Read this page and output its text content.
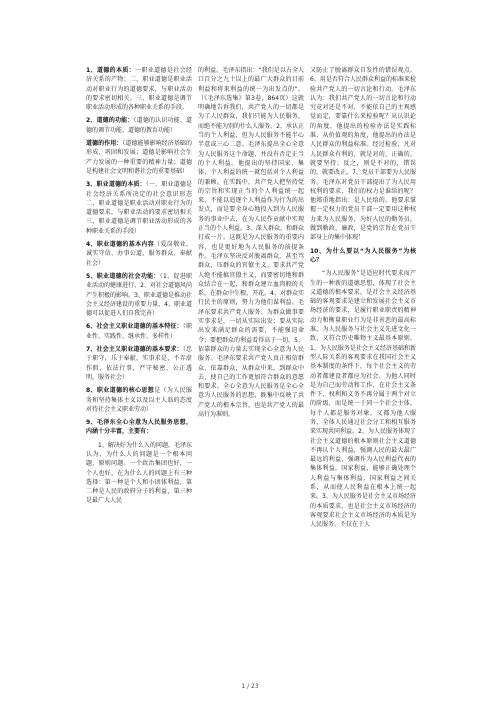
1、道德的本质：一职业道德是社会经济关系的产物；二、职业道德是职业活动对职业行为的道德要求，与职业活动的要求密切相关。三、职业道德是调节职业活动形成的各种职业关系的手段。

2、道德的功能：（道德的认识功能、道德的调节功能、道德的教育功能）

道德的作用：（道德能够影响经济基础的形成、巩固和发展；道德是影响社会生产力发展的一种重要的精神力量；道德是构建社会文明和谐社会的重要基础）

3、职业道德的本质：（一、职业道德是社会经济关系所决定的社会意识形态二、职业道德是职业活动对职业行为的道德要求，与职业活动的要求密切相关三、职业道德是调节职业活动形成的各种职业关系的手段）

4、职业道德的基本内容（爱岗敬业，诚实守信、办事公道、服务群众、奉献社会）

5、职业道德的社会功能：（1、促进职业活动的健康进行，2、对社会道德风尚产生积极的影响。3、职业道德是推动社会主义经济建设的重要力量，4、职业道德可以促进人们自我完善）

6、社会主义职业道德的基本特征：（职业性、实践性、继承性、多样性）

7、社会主义职业道德的基本要求：（忠于职守，乐于奉献，实事求是，不弄虚作假，依法行事，严守秘密，公正透明，服务社会）

8、职业道德的核心思想是（为人民服务和坚持集体主义以及以主人翁的态度对待社会主义职业劳动）

9、毛泽东全心全意为人民服务思想，内涵十分丰富，主要有：

1、解决好为什么人的问题。毛泽东认为，为什么人的问题是一个根本问题，原则问题。一个政治集团也好，一个人也好，在为什么人的问题上有三种选择：第一种是个人和小团体利益，第二种是人民的政府分子的利益，第三种是最广大人民

的利益。毛泽东指出：“我们是以占全人口百分之九十以上的最广大群众的目前利益和将来利益的统一为出发点的”。（《毛泽东选集》第3卷，864页）这就明确地告诉我们，共产党人的一切都是为了人民群众，我们只能为人民服务，而绝不能为别的什么人服务。2、承认正当的个人利益，但为人民服务不能半心半意或三心二意。毛泽东提出全心全意为人民服务这个命题，并没有否定正当的个人利益。他提出的坚持国家、集体、个人利益的统一就包括对个人利益的兼顾。在实践中，共产党人把坚持党的宗旨和实现正当的个人利益统一起来，不能以追逐个人利益作为行为的出发点，而是要全身心地投入到为人民服务的事业中去，在为人民作贡献中实现正当的个人利益。3、深入群众，和群众打成一片。这既是为人民服务的重要内容，也是更好地为人民服务的前提条件。毛泽东坚决反对脱离群众，甚至骂群众，压群众的官僚主义。要求共产党人绝不能搞官僚主义，而要密切地和群众结合在一起，和群众建立血肉般的关系，在群众中生根、开花。4、对群众实行民主的原则，努力为他们谋利益。毛泽东要求共产党人服务、为群众做事要实事求是，一切从实际出发；要从实际出发来满足群众的需要，不能强迫命令；要把群众的利益看得高于一切。5、依靠群众的力量去实现全心全意为人民服务。毛泽东要求共产党人真正相信群众、依靠群众，从群众中来，到群众中去，使自己的工作更加符合群众的意愿和要求。全心全意为人民服务是全心全意为人民服务的思想，既集中反映了共产党人的根本宗旨，也是共产党人的最高行为准则。

又防止了脱离群众自发性的错误观点。6、用是否符合人民群众利益的标准来检验共产党人的一切言论和行动。毛泽东认为：我们共产党人的一切言论和行动究竟对还是不对，不能依自己的主观感觉而定，要靠什么来检验呢？从认识论的角度，他提出的检验办法是实践标准，从价值观的角度，他提出的办法是人民群众的利益标准。经过检验，凡对人民群众有利的，就是对的，正确的，就要坚持；反之，则是不对的，错误的，就要改正。7、党员干部要为人民服务。毛泽东对党员干部提出了为人民用权利的要求，我们的权力是谁给的呢？他郑重地指出：是人民给的。他要求掌握一定权力的党员干部一定要用这种权力来为人民服务，为好人民的勤务员，做到勤政、廉政，是党的宗旨在党员干部身上的集中体现！

10、为什么要以“为人民服务”为核心？

“为人民服务”是适应时代要求而产生的一种新的道德思想，体现了社会主义道德的根本要求，是社会主义经济基础的客观要求是建立和发展社会主义市场经济的要求，是履行职业职责的精神动力和衡量职业行为是非善恶的最高标准。为人民服务与社会主义先进文化一致，又符合历史唯物主义最基本原则。1、为人民服务是社会主义经济基础和新型人际关系的客观要求在我国社会主义基本制度的条件下，每个社会主义的劳动者都建设者都应为社会、为他人同时是为自己而劳动和工作，在社会主义条件下，权利和义务不再分属于两个对立的阶级，而是统一于同一个社会主体，每个人都是服务对象，又都为他人服务，全体人民通过社会分工和相互服务来实现共同利益。2、为人民服务体现了社会主义道德的根本原则社会主义道德不再认个人利益，强调人民的最大最广最远的利益，强调作为人民利益代表的集体利益。国家利益，能够正确处理个人利益与集体利益、国家利益之间关系，从而使人民利益在根本上统一起来。3、为人民服务是社会主义市场经济的本质要求，也是社会主义市场经济的客观要求社会主义市场经济的本质是为人民服务，不仅在于人

1 / 23
